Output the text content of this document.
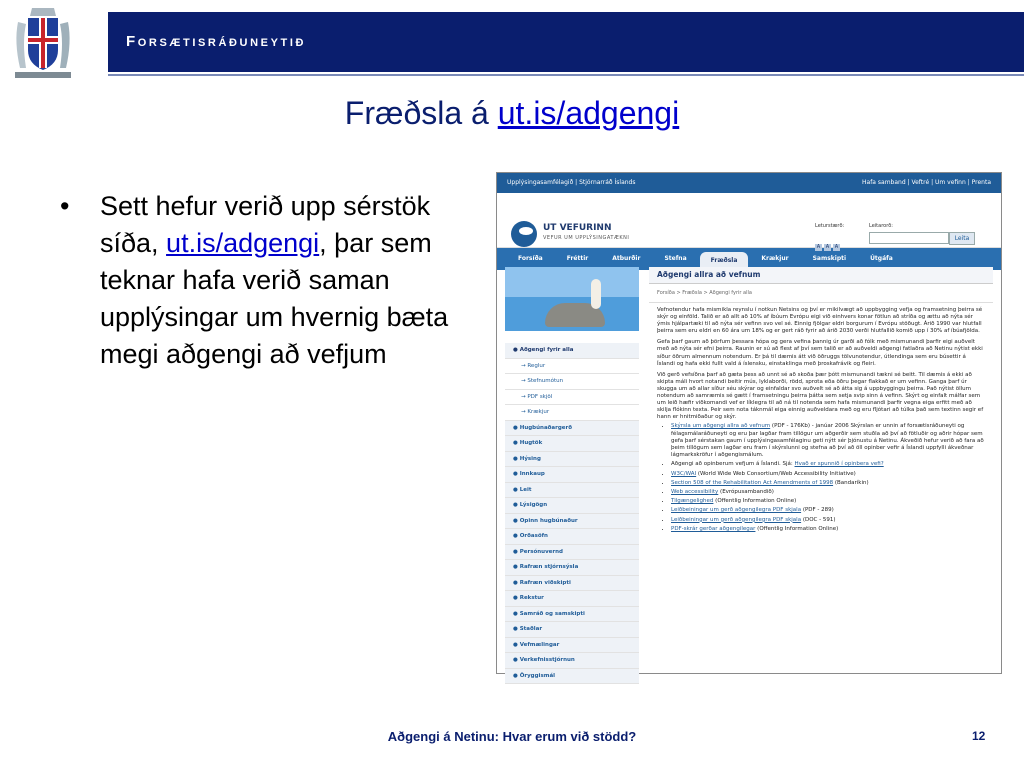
Forsætisráðuneytið
Fræðsla á ut.is/adgengi
• Sett hefur verið upp sérstök síða, ut.is/adgengi, þar sem teknar hafa verið saman upplýsingar um hvernig bæta megi aðgengi að vefjum
Upplýsingasamfélagið | Stjórnarráð Íslands	Hafa samband | Veftré | Um vefinn | Prenta
UT VEFURINN
VEFUR UM UPPLÝSINGATÆKNI
Leturstærð:
A A A
Leitarorð:
Leita
Forsíða	Fréttir	Atburðir	Stefna	Fræðsla	Krækjur	Samskipti	Útgáfa
● Aðgengi fyrir alla
→ Reglur
→ Stefnumótun
→ PDF skjöl
→ Krækjur
● Hugbúnaðargerð
● Hugtök
● Hýsing
● Innkaup
● Leit
● Lýsigögn
● Opinn hugbúnaður
● Orðasöfn
● Persónuvernd
● Rafræn stjórnsýsla
● Rafræn viðskipti
● Rekstur
● Samráð og samskipti
● Staðlar
● Vefmælingar
● Verkefnisstjórnun
● Öryggismál
Aðgengi allra að vefnum
Forsíða > Fræðsla > Aðgengi fyrir alla
Vefnotendur hafa mismikla reynslu í notkun Netsins og því er mikilvægt að uppbygging vefja og framsetning þeirra sé skýr og einföld. Talið er að allt að 10% af íbúum Evrópu eigi við einhvers konar fötlun að stríða og ættu að nýta sér ýmis hjálpartæki til að nýta sér vefinn svo vel sé. Einnig fjölgar eldri borgurum í Evrópu stöðugt. Árið 1990 var hlutfall þeirra sem eru eldri en 60 ára um 18% og er gert ráð fyrir að árið 2030 verði hlutfallið komið upp í 30% af íbúafjölda.
Gefa þarf gaum að þörfum þessara hópa og gera vefina þannig úr garði að fólk með mismunandi þarfir eigi auðvelt með að nýta sér efni þeirra. Raunin er sú að flest af því sem talið er að auðveldi aðgengi fatlaðra að Netinu nýtist ekki síður öðrum almennum notendum. Er þá til dæmis átt við öðruggs tölvunotendur, útlendinga sem eru búsettir á Íslandi og hafa ekki fullt vald á íslensku, einstaklinga með þroskafrávik og fleiri.
Við gerð vefsíðna þarf að gæta þess að unnt sé að skoða þær þótt mismunandi tækni sé beitt. Til dæmis á ekki að skipta máli hvort notandi beitir mús, lyklaborði, rödd, sprota eða öðru þegar flakkað er um vefinn. Ganga þarf úr skugga um að allar síður séu skýrar og einfaldar svo auðvelt sé að átta sig á uppbyggingu þeirra. Það nýtist öllum notendum að samræmis sé gætt í framsetningu þeirra þátta sem setja svip sinn á vefinn. Skýrt og einfalt málfar sem um leið hæfir viðkomandi vef er líklegra til að ná til notenda sem hafa mismunandi þarfir vegna eiga erfitt með að skilja flókinn texta. Þeir sem nota táknmál eiga einnig auðveldara með og eru fljótari að túlka það sem textinn segir ef hann er hnitmiðaður og skýr.
• Skýrsla um aðgengi allra að vefnum (PDF - 176Kb) - janúar 2006 Skýrslan er unnin af forsætisráðuneyti og félagsmálaráðuneyti og eru þar lagðar fram tillögur um aðgerðir sem stuðla að því að fötluðir og aðrir hópar sem gefa þarf sérstakan gaum í upplýsingasamfélaginu geti nýtt sér þjónustu á Netinu. Ákveðið hefur verið að fara að þeim tillögum sem lagðar eru fram í skýrslunni og stefna að því að öll opinber vefir á Íslandi uppfylli ákveðnar lágmarkskröfur í aðgengismálum.
• Aðgengi að opinberum vefjum á Íslandi. Sjá: Hvað er spunnið í opinbera vefi?
• W3C/WAI (World Wide Web Consortium/Web Accessibility Initiative)
• Section 508 of the Rehabilitation Act Amendments of 1998 (Bandaríkin)
• Web accessibility (Evrópusambandið)
• Tilgængelighed (Offentlig Information Online)
• Leiðbeiningar um gerð aðgengilegra PDF skjala (PDF - 289)
• Leiðbeiningar um gerð aðgengilegra PDF skjala (DOC - 591)
• PDF-skrár gerðar aðgengilegar (Offentlig Information Online)
Aðgengi á Netinu: Hvar erum við stödd?	12
